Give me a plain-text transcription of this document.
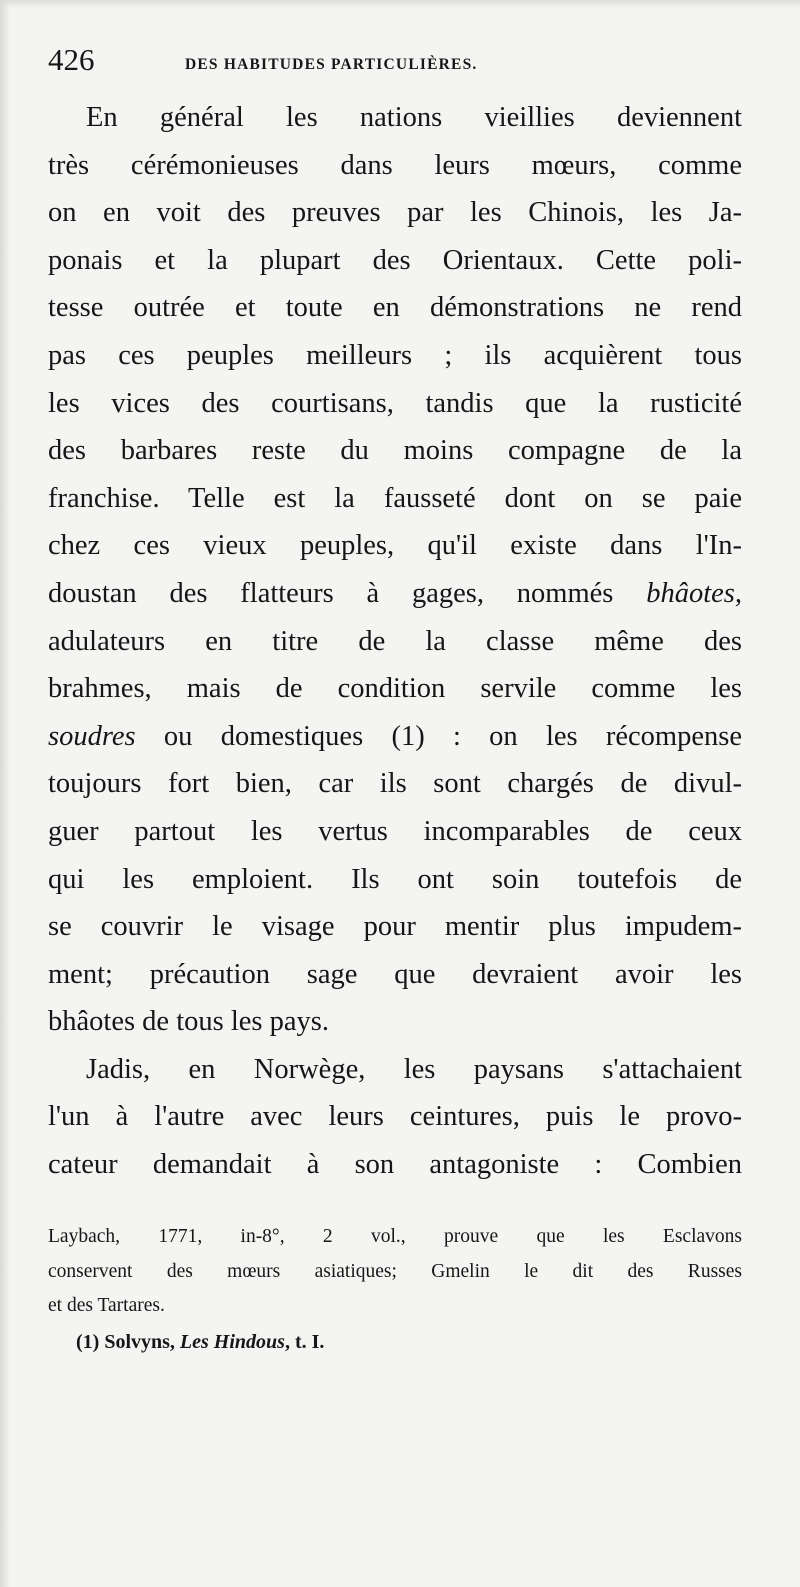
426	DES HABITUDES PARTICULIÈRES.
En général les nations vieillies deviennent
très cérémonieuses dans leurs mœurs, comme
on en voit des preuves par les Chinois, les Ja-
ponais et la plupart des Orientaux. Cette poli-
tesse outrée et toute en démonstrations ne rend
pas ces peuples meilleurs ; ils acquièrent tous
les vices des courtisans, tandis que la rusticité
des barbares reste du moins compagne de la
franchise. Telle est la fausseté dont on se paie
chez ces vieux peuples, qu'il existe dans l'In-
doustan des flatteurs à gages, nommés bhâotes,
adulateurs en titre de la classe même des
brahmes, mais de condition servile comme les
soudres ou domestiques (1) : on les récompense
toujours fort bien, car ils sont chargés de divul-
guer partout les vertus incomparables de ceux
qui les emploient. Ils ont soin toutefois de
se couvrir le visage pour mentir plus impudem-
ment; précaution sage que devraient avoir les
bhâotes de tous les pays.
Jadis, en Norwège, les paysans s'attachaient
l'un à l'autre avec leurs ceintures, puis le provo-
cateur demandait à son antagoniste : Combien
Laybach, 1771, in-8°, 2 vol., prouve que les Esclavons
conservent des mœurs asiatiques; Gmelin le dit des Russes
et des Tartares.
(1) Solvyns, Les Hindous, t. I.
